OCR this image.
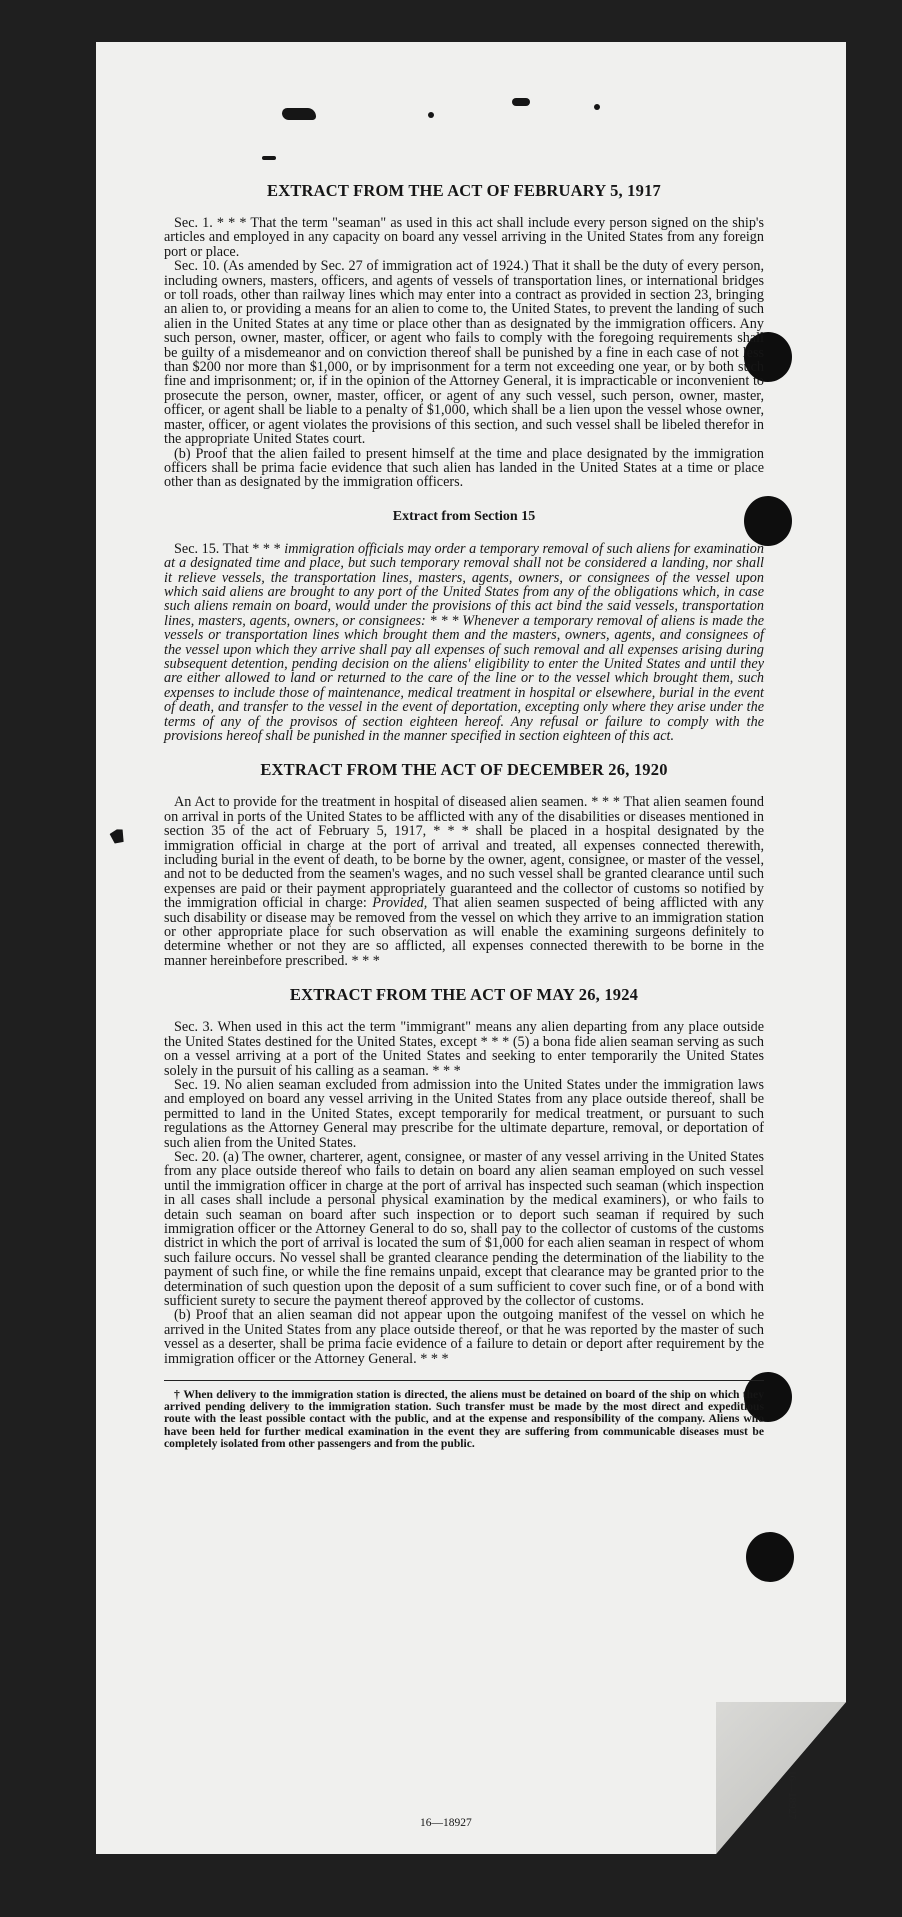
16—18927
EXTRACT FROM THE ACT OF FEBRUARY 5, 1917

Sec. 1. * * * That the term "seaman" as used in this act shall include every person signed on the ship's articles and employed in any capacity on board any vessel arriving in the United States from any foreign port or place.

Sec. 10. (As amended by Sec. 27 of immigration act of 1924.) That it shall be the duty of every person, including owners, masters, officers, and agents of vessels of transportation lines, or international bridges or toll roads, other than railway lines which may enter into a contract as provided in section 23, bringing an alien to, or providing a means for an alien to come to, the United States, to prevent the landing of such alien in the United States at any time or place other than as designated by the immigration officers. Any such person, owner, master, officer, or agent who fails to comply with the foregoing requirements shall be guilty of a misdemeanor and on conviction thereof shall be punished by a fine in each case of not less than $200 nor more than $1,000, or by imprisonment for a term not exceeding one year, or by both such fine and imprisonment; or, if in the opinion of the Attorney General, it is impracticable or inconvenient to prosecute the person, owner, master, officer, or agent of any such vessel, such person, owner, master, officer, or agent shall be liable to a penalty of $1,000, which shall be a lien upon the vessel whose owner, master, officer, or agent violates the provisions of this section, and such vessel shall be libeled therefor in the appropriate United States court.

(b) Proof that the alien failed to present himself at the time and place designated by the immigration officers shall be prima facie evidence that such alien has landed in the United States at a time or place other than as designated by the immigration officers.

Extract from Section 15

Sec. 15. That * * * immigration officials may order a temporary removal of such aliens for examination at a designated time and place, but such temporary removal shall not be considered a landing, nor shall it relieve vessels, the transportation lines, masters, agents, owners, or consignees of the vessel upon which said aliens are brought to any port of the United States from any of the obligations which, in case such aliens remain on board, would under the provisions of this act bind the said vessels, transportation lines, masters, agents, owners, or consignees: * * * Whenever a temporary removal of aliens is made the vessels or transportation lines which brought them and the masters, owners, agents, and consignees of the vessel upon which they arrive shall pay all expenses of such removal and all expenses arising during subsequent detention, pending decision on the aliens' eligibility to enter the United States and until they are either allowed to land or returned to the care of the line or to the vessel which brought them, such expenses to include those of maintenance, medical treatment in hospital or elsewhere, burial in the event of death, and transfer to the vessel in the event of deportation, excepting only where they arise under the terms of any of the provisos of section eighteen hereof. Any refusal or failure to comply with the provisions hereof shall be punished in the manner specified in section eighteen of this act.

EXTRACT FROM THE ACT OF DECEMBER 26, 1920

An Act to provide for the treatment in hospital of diseased alien seamen. * * * That alien seamen found on arrival in ports of the United States to be afflicted with any of the disabilities or diseases mentioned in section 35 of the act of February 5, 1917, * * * shall be placed in a hospital designated by the immigration official in charge at the port of arrival and treated, all expenses connected therewith, including burial in the event of death, to be borne by the owner, agent, consignee, or master of the vessel, and not to be deducted from the seamen's wages, and no such vessel shall be granted clearance until such expenses are paid or their payment appropriately guaranteed and the collector of customs so notified by the immigration official in charge: Provided, That alien seamen suspected of being afflicted with any such disability or disease may be removed from the vessel on which they arrive to an immigration station or other appropriate place for such observation as will enable the examining surgeons definitely to determine whether or not they are so afflicted, all expenses connected therewith to be borne in the manner hereinbefore prescribed. * * *

EXTRACT FROM THE ACT OF MAY 26, 1924

Sec. 3. When used in this act the term "immigrant" means any alien departing from any place outside the United States destined for the United States, except * * * (5) a bona fide alien seaman serving as such on a vessel arriving at a port of the United States and seeking to enter temporarily the United States solely in the pursuit of his calling as a seaman. * * *

Sec. 19. No alien seaman excluded from admission into the United States under the immigration laws and employed on board any vessel arriving in the United States from any place outside thereof, shall be permitted to land in the United States, except temporarily for medical treatment, or pursuant to such regulations as the Attorney General may prescribe for the ultimate departure, removal, or deportation of such alien from the United States.

Sec. 20. (a) The owner, charterer, agent, consignee, or master of any vessel arriving in the United States from any place outside thereof who fails to detain on board any alien seaman employed on such vessel until the immigration officer in charge at the port of arrival has inspected such seaman (which inspection in all cases shall include a personal physical examination by the medical examiners), or who fails to detain such seaman on board after such inspection or to deport such seaman if required by such immigration officer or the Attorney General to do so, shall pay to the collector of customs of the customs district in which the port of arrival is located the sum of $1,000 for each alien seaman in respect of whom such failure occurs. No vessel shall be granted clearance pending the determination of the liability to the payment of such fine, or while the fine remains unpaid, except that clearance may be granted prior to the determination of such question upon the deposit of a sum sufficient to cover such fine, or of a bond with sufficient surety to secure the payment thereof approved by the collector of customs.

(b) Proof that an alien seaman did not appear upon the outgoing manifest of the vessel on which he arrived in the United States from any place outside thereof, or that he was reported by the master of such vessel as a deserter, shall be prima facie evidence of a failure to detain or deport after requirement by the immigration officer or the Attorney General. * * *

† When delivery to the immigration station is directed, the aliens must be detained on board of the ship on which they arrived pending delivery to the immigration station. Such transfer must be made by the most direct and expeditious route with the least possible contact with the public, and at the expense and responsibility of the company. Aliens who have been held for further medical examination in the event they are suffering from communicable diseases must be completely isolated from other passengers and from the public.

16—18927
